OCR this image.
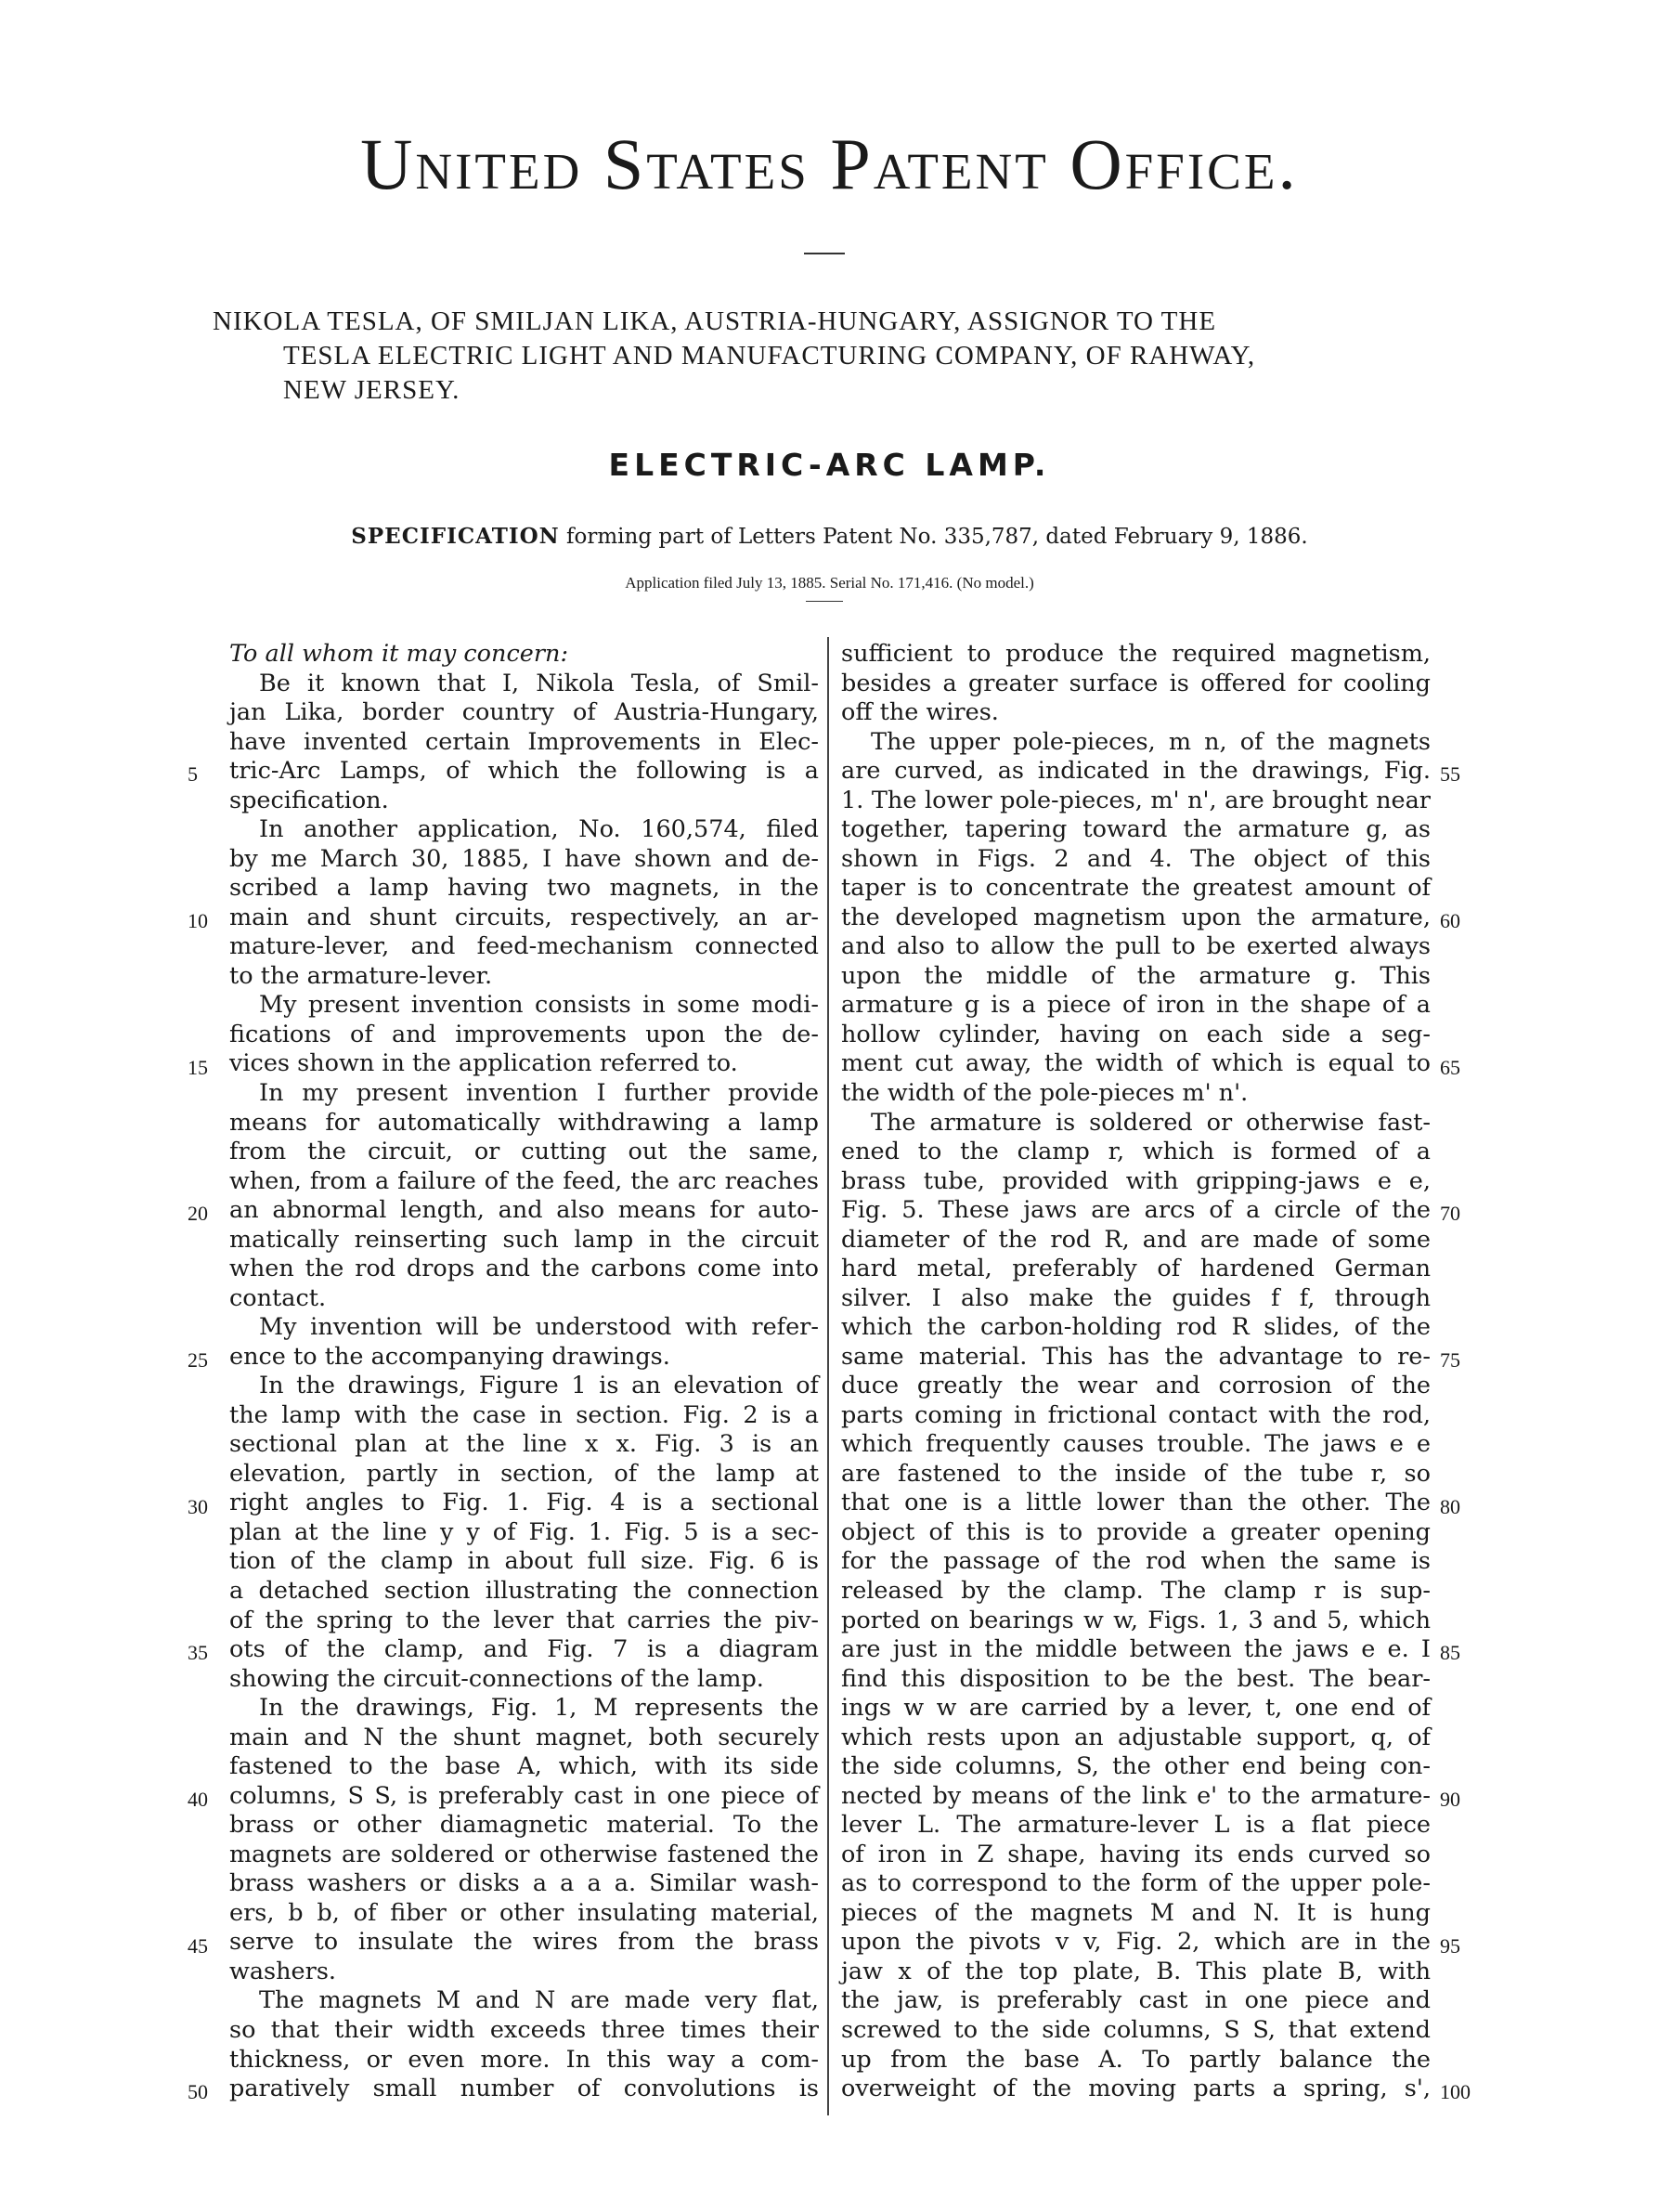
United States Patent Office.
NIKOLA TESLA, OF SMILJAN LIKA, AUSTRIA-HUNGARY, ASSIGNOR TO THE
TESLA ELECTRIC LIGHT AND MANUFACTURING COMPANY, OF RAHWAY,
NEW JERSEY.
ELECTRIC-ARC LAMP.
SPECIFICATION forming part of Letters Patent No. 335,787, dated February 9, 1886.
Application filed July 13, 1885. Serial No. 171,416. (No model.)
To all whom it may concern:
Be it known that I, Nikola Tesla, of Smil-
jan Lika, border country of Austria-Hungary,
have invented certain Improvements in Elec-
tric-Arc Lamps, of which the following is a
specification.
In another application, No. 160,574, filed
by me March 30, 1885, I have shown and de-
scribed a lamp having two magnets, in the
main and shunt circuits, respectively, an ar-
mature-lever, and feed-mechanism connected
to the armature-lever.
My present invention consists in some modi-
fications of and improvements upon the de-
vices shown in the application referred to.
In my present invention I further provide
means for automatically withdrawing a lamp
from the circuit, or cutting out the same,
when, from a failure of the feed, the arc reaches
an abnormal length, and also means for auto-
matically reinserting such lamp in the circuit
when the rod drops and the carbons come into
contact.
My invention will be understood with refer-
ence to the accompanying drawings.
In the drawings, Figure 1 is an elevation of
the lamp with the case in section. Fig. 2 is a
sectional plan at the line x x. Fig. 3 is an
elevation, partly in section, of the lamp at
right angles to Fig. 1. Fig. 4 is a sectional
plan at the line y y of Fig. 1. Fig. 5 is a sec-
tion of the clamp in about full size. Fig. 6 is
a detached section illustrating the connection
of the spring to the lever that carries the piv-
ots of the clamp, and Fig. 7 is a diagram
showing the circuit-connections of the lamp.
In the drawings, Fig. 1, M represents the
main and N the shunt magnet, both securely
fastened to the base A, which, with its side
columns, S S, is preferably cast in one piece of
brass or other diamagnetic material. To the
magnets are soldered or otherwise fastened the
brass washers or disks a a a a. Similar wash-
ers, b b, of fiber or other insulating material,
serve to insulate the wires from the brass
washers.
The magnets M and N are made very flat,
so that their width exceeds three times their
thickness, or even more. In this way a com-
paratively small number of convolutions is
sufficient to produce the required magnetism,
besides a greater surface is offered for cooling
off the wires.
The upper pole-pieces, m n, of the magnets
are curved, as indicated in the drawings, Fig.
1. The lower pole-pieces, m' n', are brought near
together, tapering toward the armature g, as
shown in Figs. 2 and 4. The object of this
taper is to concentrate the greatest amount of
the developed magnetism upon the armature,
and also to allow the pull to be exerted always
upon the middle of the armature g. This
armature g is a piece of iron in the shape of a
hollow cylinder, having on each side a seg-
ment cut away, the width of which is equal to
the width of the pole-pieces m' n'.
The armature is soldered or otherwise fast-
ened to the clamp r, which is formed of a
brass tube, provided with gripping-jaws e e,
Fig. 5. These jaws are arcs of a circle of the
diameter of the rod R, and are made of some
hard metal, preferably of hardened German
silver. I also make the guides f f, through
which the carbon-holding rod R slides, of the
same material. This has the advantage to re-
duce greatly the wear and corrosion of the
parts coming in frictional contact with the rod,
which frequently causes trouble. The jaws e e
are fastened to the inside of the tube r, so
that one is a little lower than the other. The
object of this is to provide a greater opening
for the passage of the rod when the same is
released by the clamp. The clamp r is sup-
ported on bearings w w, Figs. 1, 3 and 5, which
are just in the middle between the jaws e e. I
find this disposition to be the best. The bear-
ings w w are carried by a lever, t, one end of
which rests upon an adjustable support, q, of
the side columns, S, the other end being con-
nected by means of the link e' to the armature-
lever L. The armature-lever L is a flat piece
of iron in Z shape, having its ends curved so
as to correspond to the form of the upper pole-
pieces of the magnets M and N. It is hung
upon the pivots v v, Fig. 2, which are in the
jaw x of the top plate, B. This plate B, with
the jaw, is preferably cast in one piece and
screwed to the side columns, S S, that extend
up from the base A. To partly balance the
overweight of the moving parts a spring, s',
5
10
15
20
25
30
35
40
45
50
55
60
65
70
75
80
85
90
95
100
